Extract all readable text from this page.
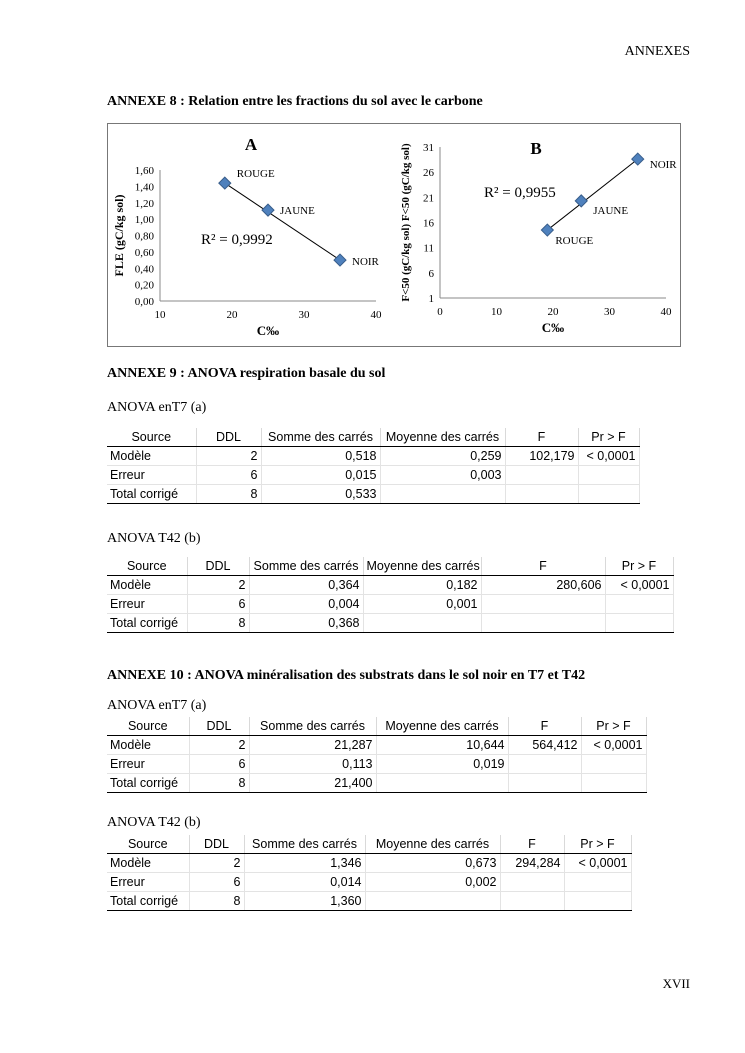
ANNEXES
ANNEXE 8 : Relation entre les fractions du sol avec le carbone
0,00
0,20
0,40
0,60
0,80
1,00
1,20
1,40
1,60
10	20	30	40
ROUGE
JAUNE
NOIR
A
R² = 0,9992
C‰
FLE (gC/kg sol)
1
6
11
16
21
26
31
0	10	20	30	40
ROUGE
JAUNE
NOIR
B
R² = 0,9955
C‰
F<50 (gC/kg sol) F<50 (gC/kg sol)
ANNEXE 9 : ANOVA respiration basale du sol
ANOVA enT7 (a)
Source	DDL	Somme des carrés	Moyenne des carrés	F	Pr > F
Modèle	2	0,518	0,259	102,179	< 0,0001
Erreur	6	0,015	0,003		
Total corrigé	8	0,533			
ANOVA T42 (b)
Source	DDL	Somme des carrés	Moyenne des carrés	F	Pr > F
Modèle	2	0,364	0,182	280,606	< 0,0001
Erreur	6	0,004	0,001		
Total corrigé	8	0,368			
ANNEXE 10 : ANOVA minéralisation des substrats dans le sol noir en T7 et T42
ANOVA enT7 (a)
Source	DDL	Somme des carrés	Moyenne des carrés	F	Pr > F
Modèle	2	21,287	10,644	564,412	< 0,0001
Erreur	6	0,113	0,019		
Total corrigé	8	21,400			
ANOVA T42 (b)
Source	DDL	Somme des carrés	Moyenne des carrés	F	Pr > F
Modèle	2	1,346	0,673	294,284	< 0,0001
Erreur	6	0,014	0,002		
Total corrigé	8	1,360			
XVII
